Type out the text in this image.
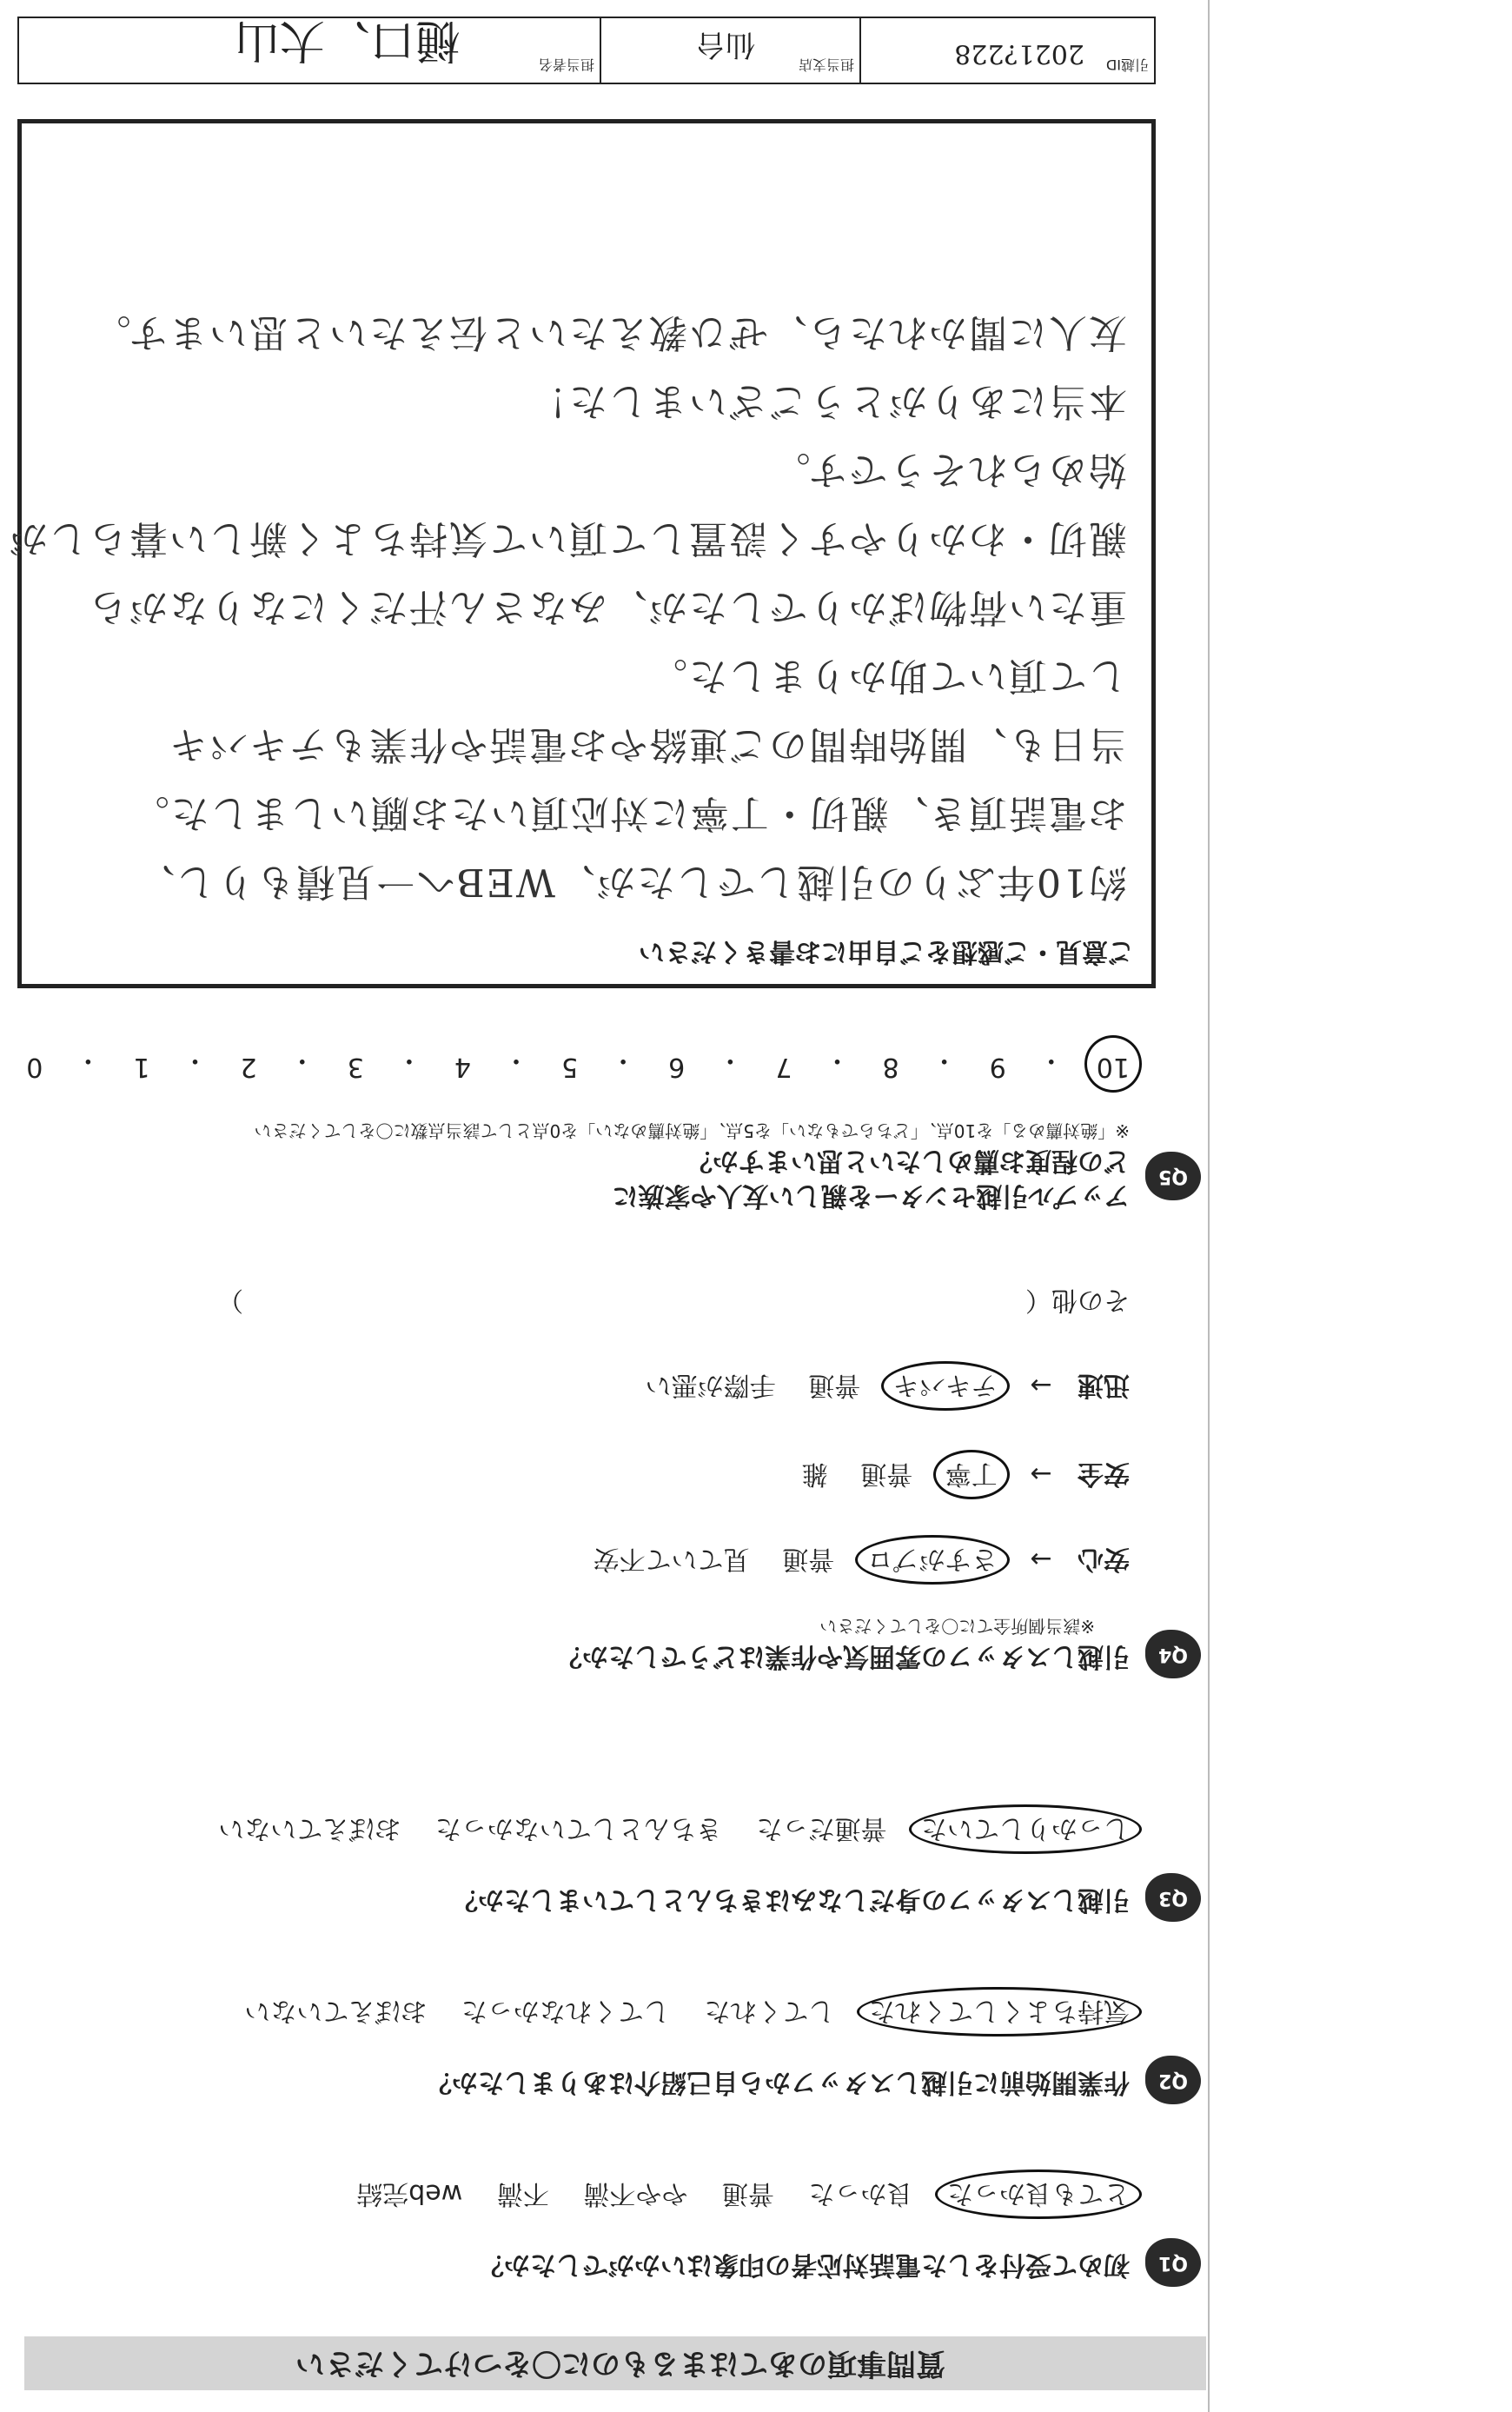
質問事項のあてはまるものに〇をつけてください
Q1
初めて受付をした電話対応者の印象はいかがでしたか？
とても良かった 良かった 普通 やや不満 不満 web完結
Q2
作業開始前に引越しスタッフから自己紹介はありましたか？
気持ちよくしてくれた してくれた してくれなかった おぼえていない
Q3
引越しスタッフの身だしなみはきちんとしていましたか？
しっかりしていた 普通だった きちんとしていなかった おぼえていない
Q4
引越しスタッフの雰囲気や作業はどうでしたか？
※該当個所全てに〇をしてください
安心 → さすがプロ 普通 見ていて不安
安全 → 丁寧 普通 雑
迅速 → テキパキ 普通 手際が悪い
その他（　　　　　　　　　　　　　　　　　　　　　　　　　　　　　　）
Q5
アップル引越センターを親しい友人や家族に
どの程度お薦めしたいと思いますか？
※「絶対薦める」を10点、「どちらでもない」を5点、「絶対薦めない」を0点として該当点数に〇をしてください
10
・
9
・
8
・
7
・
6
・
5
・
4
・
3
・
2
・
1
・
0
ご意見・ご感想をご自由にお書きください
約10年ぶりの引越しでしたが、WEBへ一見積もりし、
お電話頂き、親切・丁寧に対応頂いたお願いしました。
当日も、開始時間のご連絡やお電話や作業もテキパキ
して頂いて助かりました。
重たい荷物ばかりでしたが、みなさん汗だくになりながら
親切・わかりやすく設置して頂いて気持ちよく新しい暮らしが
始められそうです。
本当にありがとうございました！
友人に聞かれたら、ぜひ教えたいと伝えたいと思います。
引越ID
2021?228
担当支店
仙台
担当者名
樋口、大山
